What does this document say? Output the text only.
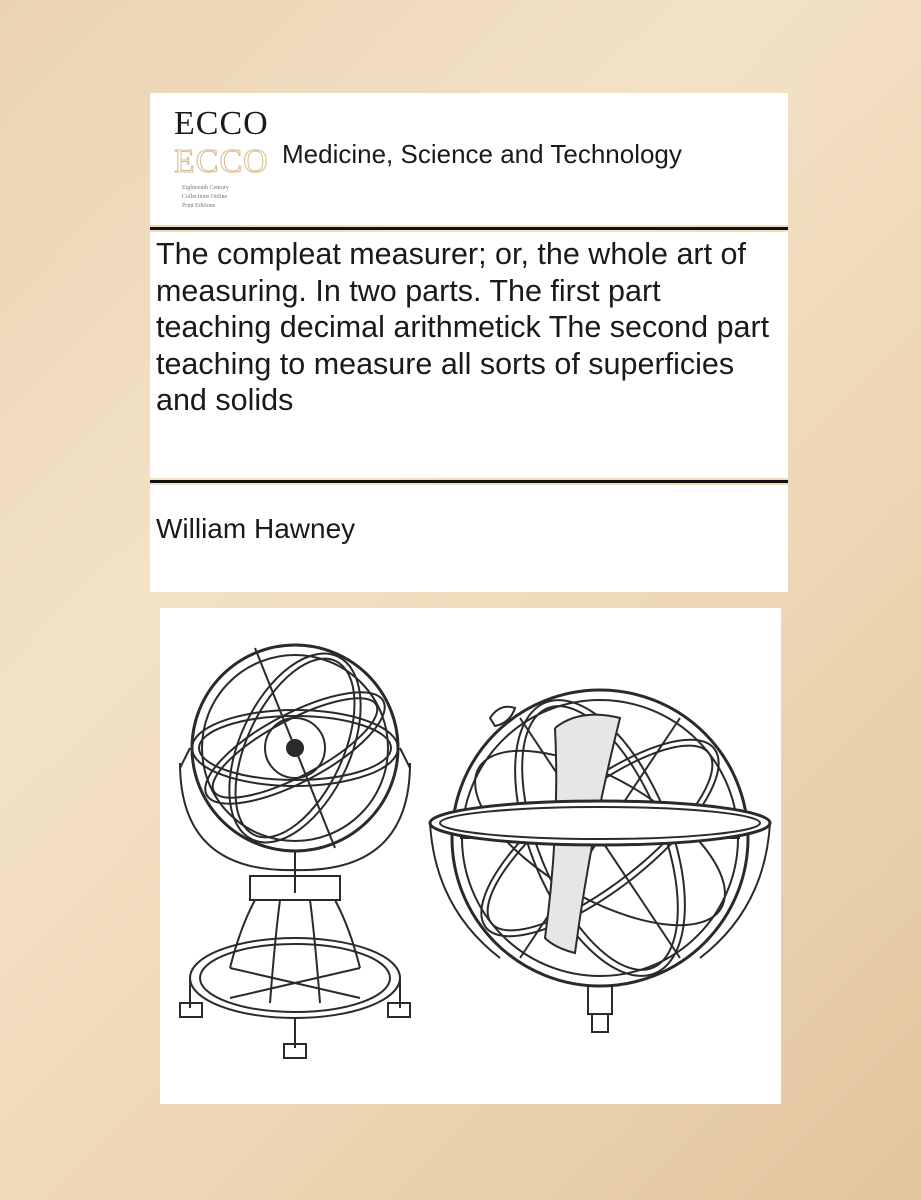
ECCO
ECCO
Eighteenth Century
Collections Online
Print Editions
Medicine, Science and Technology
The compleat measurer; or, the whole art of measuring. In two parts. The first part teaching decimal arithmetick The second part teaching to measure all sorts of superficies and solids
William Hawney
